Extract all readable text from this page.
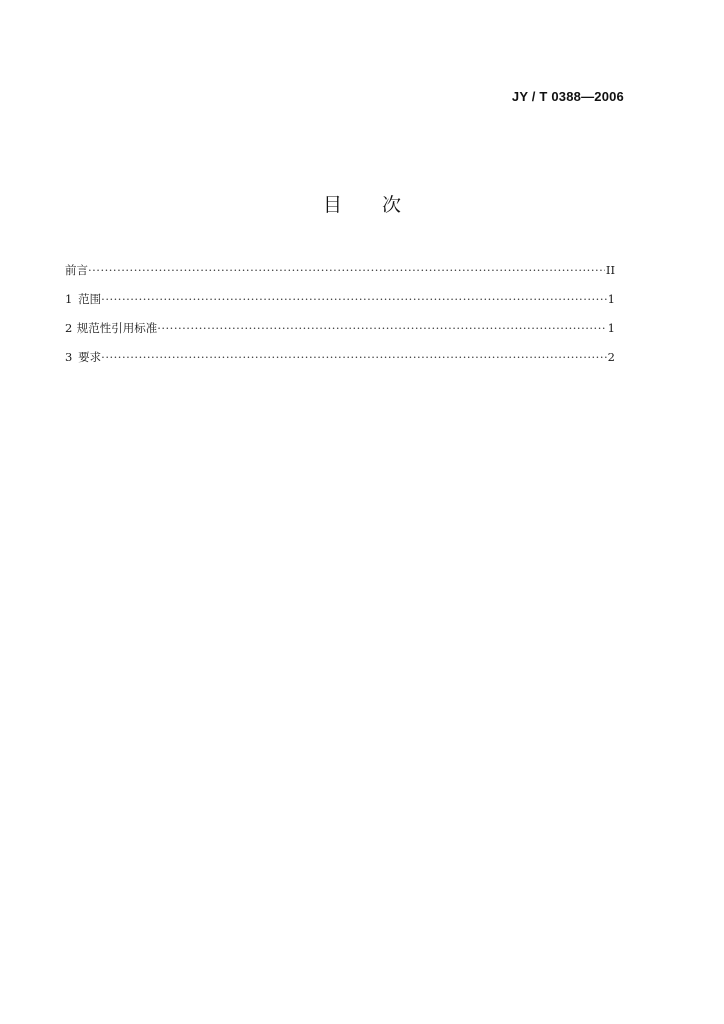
JY / T 0388—2006
目 次
前言 ·····	II
1 范围 ·····	1
2 规范性引用标准 ·····	1
3 要求 ·····	2
